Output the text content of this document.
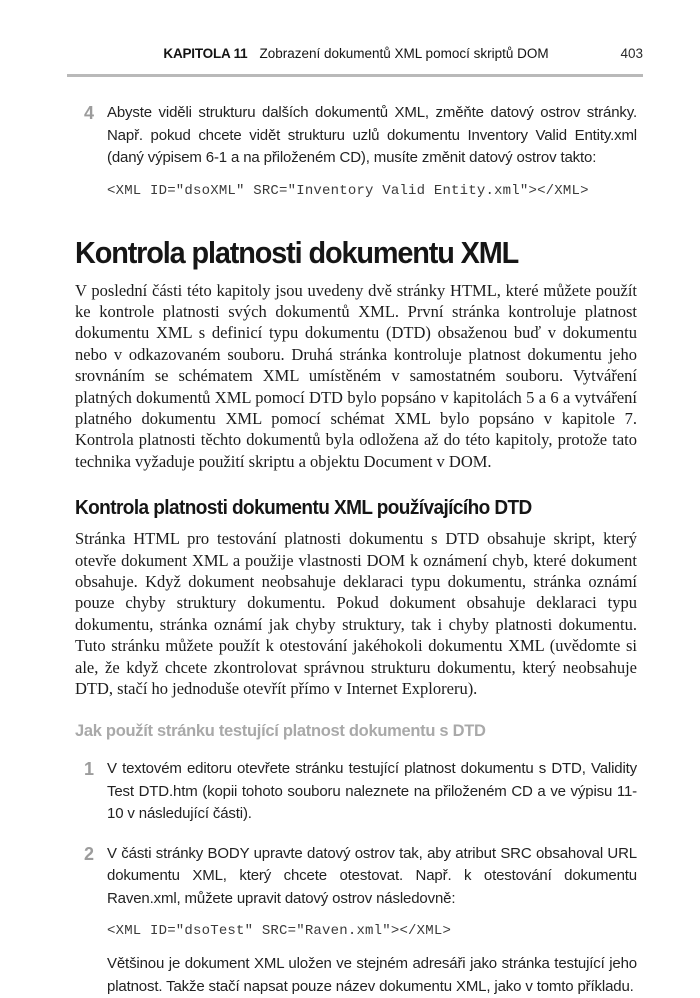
KAPITOLA 11 Zobrazení dokumentů XML pomocí skriptů DOM	403
4 Abyste viděli strukturu dalších dokumentů XML, změňte datový ostrov stránky. Např. pokud chcete vidět strukturu uzlů dokumentu Inventory Valid Entity.xml (daný výpisem 6-1 a na přiloženém CD), musíte změnit datový ostrov takto:

<XML ID="dsoXML" SRC="Inventory Valid Entity.xml"></XML>
Kontrola platnosti dokumentu XML

V poslední části této kapitoly jsou uvedeny dvě stránky HTML, které můžete použít ke kontrole platnosti svých dokumentů XML. První stránka kontroluje platnost dokumentu XML s definicí typu dokumentu (DTD) obsaženou buď v dokumentu nebo v odkazovaném souboru. Druhá stránka kontroluje platnost dokumentu jeho srovnáním se schématem XML umístěném v samostatném souboru. Vytváření platných dokumentů XML pomocí DTD bylo popsáno v kapitolách 5 a 6 a vytváření platného dokumentu XML pomocí schémat XML bylo popsáno v kapitole 7. Kontrola platnosti těchto dokumentů byla odložena až do této kapitoly, protože tato technika vyžaduje použití skriptu a objektu Document v DOM.

Kontrola platnosti dokumentu XML používajícího DTD

Stránka HTML pro testování platnosti dokumentu s DTD obsahuje skript, který otevře dokument XML a použije vlastnosti DOM k oznámení chyb, které dokument obsahuje. Když dokument neobsahuje deklaraci typu dokumentu, stránka oznámí pouze chyby struktury dokumentu. Pokud dokument obsahuje deklaraci typu dokumentu, stránka oznámí jak chyby struktury, tak i chyby platnosti dokumentu. Tuto stránku můžete použít k otestování jakéhokoli dokumentu XML (uvědomte si ale, že když chcete zkontrolovat správnou strukturu dokumentu, který neobsahuje DTD, stačí ho jednoduše otevřít přímo v Internet Exploreru).

Jak použít stránku testující platnost dokumentu s DTD
1 V textovém editoru otevřete stránku testující platnost dokumentu s DTD, Validity Test DTD.htm (kopii tohoto souboru naleznete na přiloženém CD a ve výpisu 11-10 v následující části).

2 V části stránky BODY upravte datový ostrov tak, aby atribut SRC obsahoval URL dokumentu XML, který chcete otestovat. Např. k otestování dokumentu Raven.xml, můžete upravit datový ostrov následovně:

<XML ID="dsoTest" SRC="Raven.xml"></XML>

Většinou je dokument XML uložen ve stejném adresáři jako stránka testující jeho platnost. Takže stačí napsat pouze název dokumentu XML, jako v tomto příkladu.
